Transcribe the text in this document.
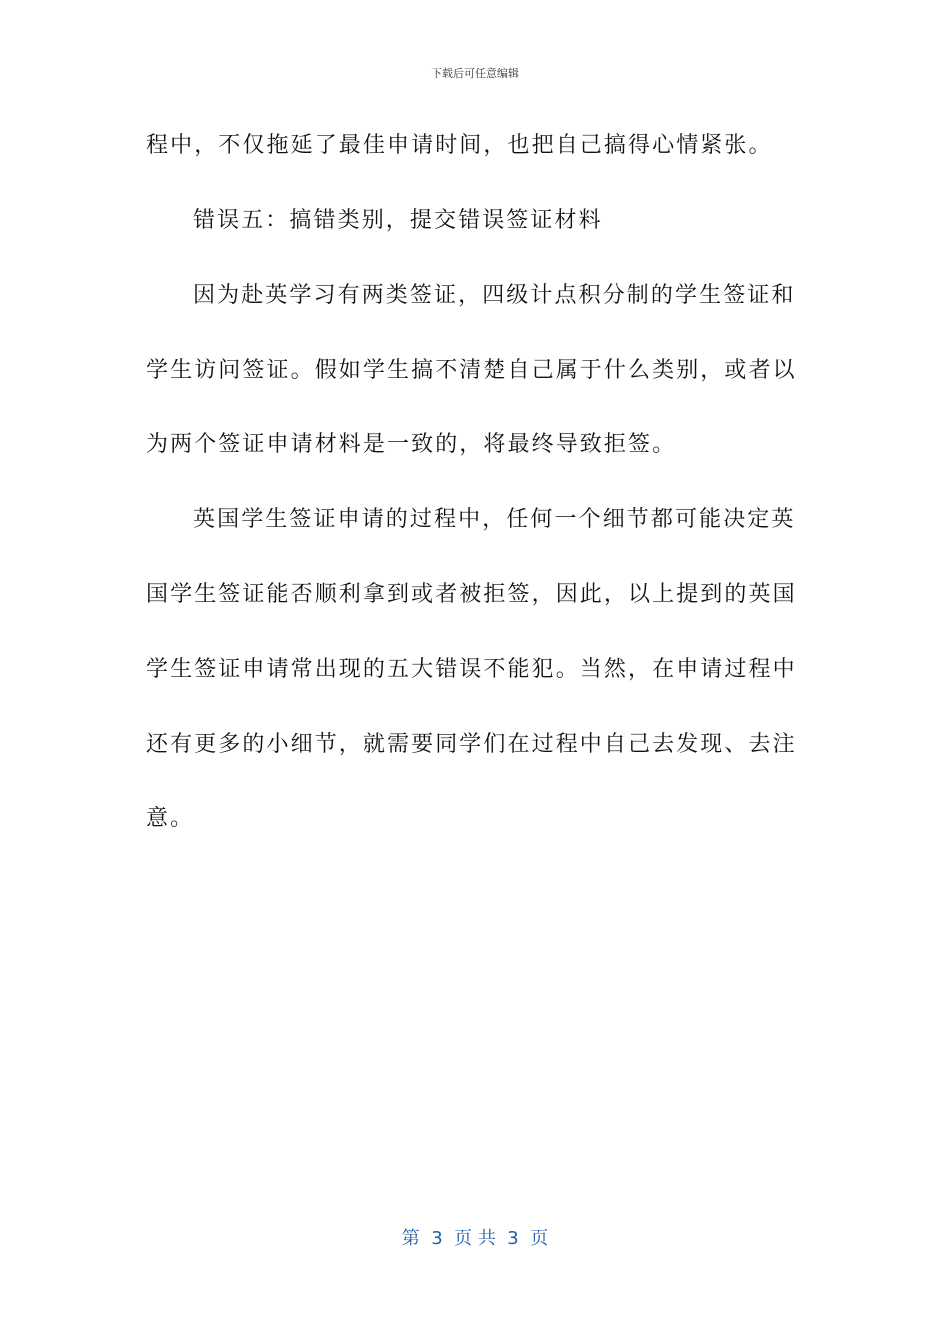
下载后可任意编辑
程中，不仅拖延了最佳申请时间，也把自己搞得心情紧张。
错误五：搞错类别，提交错误签证材料
因为赴英学习有两类签证，四级计点积分制的学生签证和
学生访问签证。假如学生搞不清楚自己属于什么类别，或者以
为两个签证申请材料是一致的，将最终导致拒签。
英国学生签证申请的过程中，任何一个细节都可能决定英
国学生签证能否顺利拿到或者被拒签，因此，以上提到的英国
学生签证申请常出现的五大错误不能犯。当然，在申请过程中
还有更多的小细节，就需要同学们在过程中自己去发现、去注
意。
第  3  页 共  3  页
